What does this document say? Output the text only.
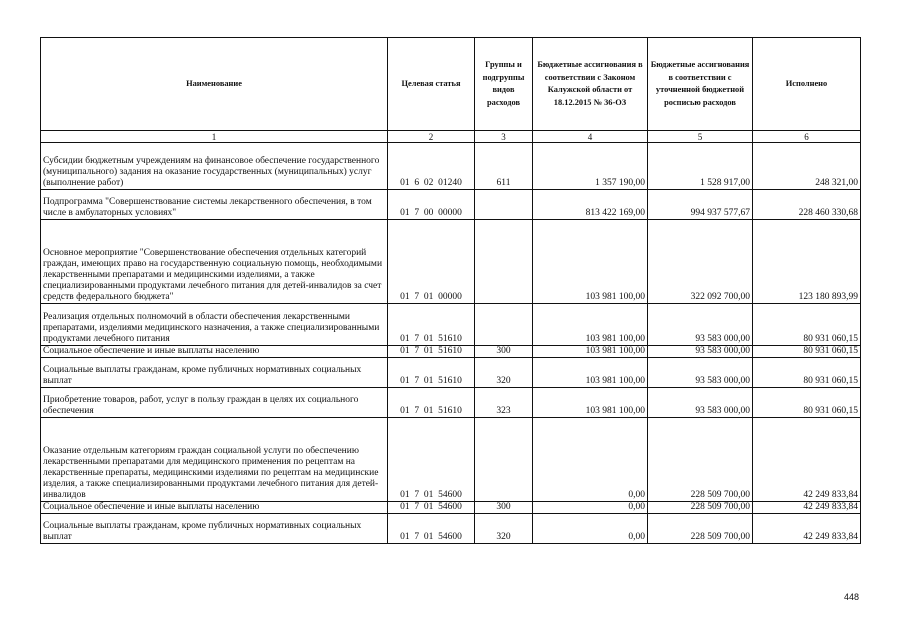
Наименование	Целевая статья	Группы и подгруппы видов расходов	Бюджетные ассигнования в соответствии с Законом Калужской области от 18.12.2015 № 36-ОЗ	Бюджетные ассигнования в соответствии с уточненной бюджетной росписью расходов	Исполнено
1	2	3	4	5	6
Субсидии бюджетным учреждениям на финансовое обеспечение государственного (муниципального) задания на оказание государственных (муниципальных) услуг (выполнение работ)	01  6  02  01240	611	1 357 190,00	1 528 917,00	248 321,00
Подпрограмма "Совершенствование системы лекарственного обеспечения, в том числе в амбулаторных условиях"	01  7  00  00000		813 422 169,00	994 937 577,67	228 460 330,68
Основное мероприятие "Совершенствование обеспечения отдельных категорий граждан, имеющих право на государственную социальную помощь, необходимыми лекарственными препаратами и медицинскими изделиями, а также специализированными продуктами лечебного питания для детей-инвалидов за счет средств федерального бюджета"	01  7  01  00000		103 981 100,00	322 092 700,00	123 180 893,99
Реализация отдельных полномочий в области обеспечения лекарственными препаратами, изделиями медицинского назначения, а также специализированными продуктами лечебного питания	01  7  01  51610		103 981 100,00	93 583 000,00	80 931 060,15
Социальное обеспечение и иные выплаты населению	01  7  01  51610	300	103 981 100,00	93 583 000,00	80 931 060,15
Социальные выплаты гражданам, кроме публичных нормативных социальных выплат	01  7  01  51610	320	103 981 100,00	93 583 000,00	80 931 060,15
Приобретение товаров, работ, услуг в пользу граждан в целях их социального обеспечения	01  7  01  51610	323	103 981 100,00	93 583 000,00	80 931 060,15
Оказание отдельным категориям граждан социальной услуги по обеспечению лекарственными препаратами для медицинского применения по рецептам на лекарственные препараты, медицинскими изделиями по рецептам на медицинские изделия, а также специализированными продуктами лечебного питания для детей-инвалидов	01  7  01  54600		0,00	228 509 700,00	42 249 833,84
Социальное обеспечение и иные выплаты населению	01  7  01  54600	300	0,00	228 509 700,00	42 249 833,84
Социальные выплаты гражданам, кроме публичных нормативных социальных выплат	01  7  01  54600	320	0,00	228 509 700,00	42 249 833,84
448
